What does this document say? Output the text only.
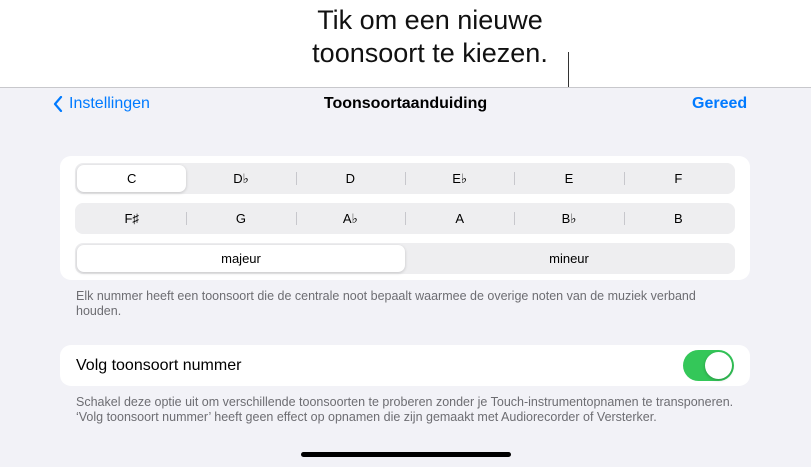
Tik om een nieuwe
toonsoort te kiezen.
Instellingen	Toonsoortaanduiding	Gereed
C	D♭	D	E♭	E	F
F♯	G	A♭	A	B♭	B
majeur	mineur
Elk nummer heeft een toonsoort die de centrale noot bepaalt waarmee de overige noten van de muziek verband houden.
Volg toonsoort nummer
Schakel deze optie uit om verschillende toonsoorten te proberen zonder je Touch-instrumentopnamen te transponeren. ‘Volg toonsoort nummer’ heeft geen effect op opnamen die zijn gemaakt met Audiorecorder of Versterker.
